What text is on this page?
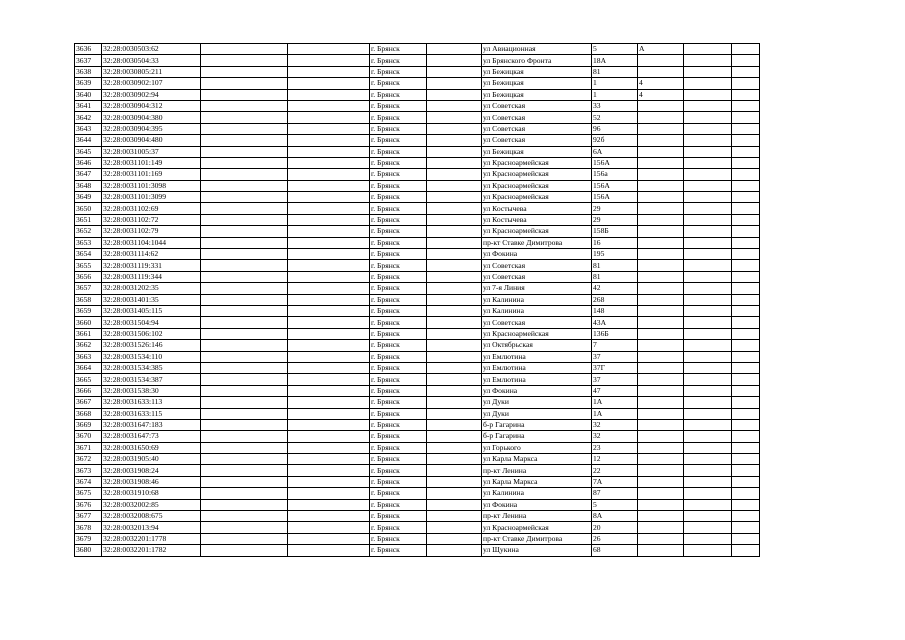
3636	32:28:0030503:62			г. Брянск		ул Авиационная	5	А		
3637	32:28:0030504:33			г. Брянск		ул Брянского Фронта	18А			
3638	32:28:0030805:211			г. Брянск		ул Бежицкая	81			
3639	32:28:0030902:107			г. Брянск		ул Бежицкая	1	4		
3640	32:28:0030902:94			г. Брянск		ул Бежицкая	1	4		
3641	32:28:0030904:312			г. Брянск		ул Советская	33			
3642	32:28:0030904:380			г. Брянск		ул Советская	52			
3643	32:28:0030904:395			г. Брянск		ул Советская	96			
3644	32:28:0030904:480			г. Брянск		ул Советская	92б			
3645	32:28:0031005:37			г. Брянск		ул Бежицкая	6А			
3646	32:28:0031101:149			г. Брянск		ул Красноармейская	156А			
3647	32:28:0031101:169			г. Брянск		ул Красноармейская	156а			
3648	32:28:0031101:3098			г. Брянск		ул Красноармейская	156А			
3649	32:28:0031101:3099			г. Брянск		ул Красноармейская	156А			
3650	32:28:0031102:69			г. Брянск		ул Костычева	29			
3651	32:28:0031102:72			г. Брянск		ул Костычева	29			
3652	32:28:0031102:79			г. Брянск		ул Красноармейская	158Б			
3653	32:28:0031104:1044			г. Брянск		пр-кт Ставке Димитрова	16			
3654	32:28:0031114:62			г. Брянск		ул Фокина	195			
3655	32:28:0031119:331			г. Брянск		ул Советская	81			
3656	32:28:0031119:344			г. Брянск		ул Советская	81			
3657	32:28:0031202:35			г. Брянск		ул 7-я Линия	42			
3658	32:28:0031401:35			г. Брянск		ул Калинина	268			
3659	32:28:0031405:115			г. Брянск		ул Калинина	148			
3660	32:28:0031504:94			г. Брянск		ул Советская	43А			
3661	32:28:0031506:102			г. Брянск		ул Красноармейская	136Б			
3662	32:28:0031526:146			г. Брянск		ул Октябрьская	7			
3663	32:28:0031534:110			г. Брянск		ул Емлютина	37			
3664	32:28:0031534:385			г. Брянск		ул Емлютина	37Г			
3665	32:28:0031534:387			г. Брянск		ул Емлютина	37			
3666	32:28:0031538:30			г. Брянск		ул Фокина	47			
3667	32:28:0031633:113			г. Брянск		ул Дуки	1А			
3668	32:28:0031633:115			г. Брянск		ул Дуки	1А			
3669	32:28:0031647:183			г. Брянск		б-р Гагарина	32			
3670	32:28:0031647:73			г. Брянск		б-р Гагарина	32			
3671	32:28:0031650:69			г. Брянск		ул Горького	23			
3672	32:28:0031905:40			г. Брянск		ул Карла Маркса	12			
3673	32:28:0031908:24			г. Брянск		пр-кт Ленина	22			
3674	32:28:0031908:46			г. Брянск		ул Карла Маркса	7А			
3675	32:28:0031910:68			г. Брянск		ул Калинина	87			
3676	32:28:0032002:85			г. Брянск		ул Фокина	5			
3677	32:28:0032008:675			г. Брянск		пр-кт Ленина	8А			
3678	32:28:0032013:94			г. Брянск		ул Красноармейская	20			
3679	32:28:0032201:1778			г. Брянск		пр-кт Ставке Димитрова	26			
3680	32:28:0032201:1782			г. Брянск		ул Щукина	68			
